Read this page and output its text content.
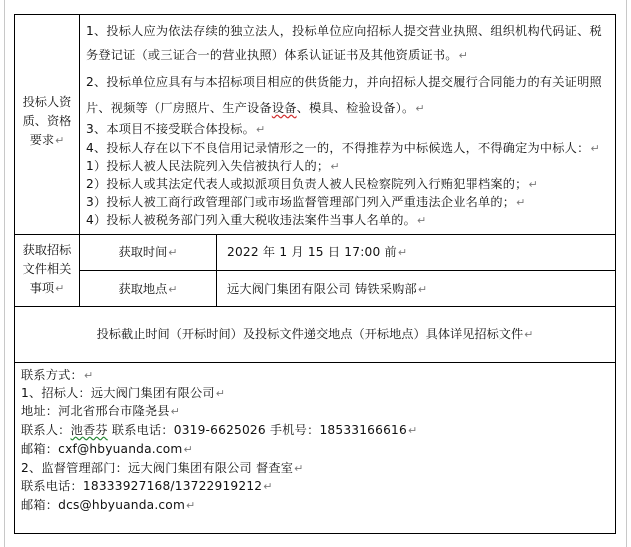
投标人资
质、资格
要求↵
1、投标人应为依法存续的独立法人，投标单位应向招标人提交营业执照、组织机构代码证、税
务登记证（或三证合一的营业执照）体系认证证书及其他资质证书。↵
2、投标单位应具有与本招标项目相应的供货能力，并向招标人提交履行合同能力的有关证明照
片、视频等（厂房照片、生产设备设备、模具、检验设备）。↵
3、本项目不接受联合体投标。↵
4、投标人存在以下不良信用记录情形之一的，不得推荐为中标候选人，不得确定为中标人：↵
1）投标人被人民法院列入失信被执行人的；↵
2）投标人或其法定代表人或拟派项目负责人被人民检察院列入行贿犯罪档案的；↵
3）投标人被工商行政管理部门或市场监督管理部门列入严重违法企业名单的；↵
4）投标人被税务部门列入重大税收违法案件当事人名单的。↵
获取招标
文件相关
事项↵
获取时间↵	2022 年 1 月 15 日 17:00 前↵
获取地点↵	远大阀门集团有限公司 铸铁采购部↵
投标截止时间（开标时间）及投标文件递交地点（开标地点）具体详见招标文件↵
联系方式：↵
1、招标人：远大阀门集团有限公司↵
地址：河北省邢台市隆尧县↵
联系人：池香芬 联系电话：0319-6625026 手机号：18533166616↵
邮箱：cxf@hbyuanda.com↵
2、监督管理部门：远大阀门集团有限公司 督查室↵
联系电话：18333927168/13722919212↵
邮箱：dcs@hbyuanda.com↵
